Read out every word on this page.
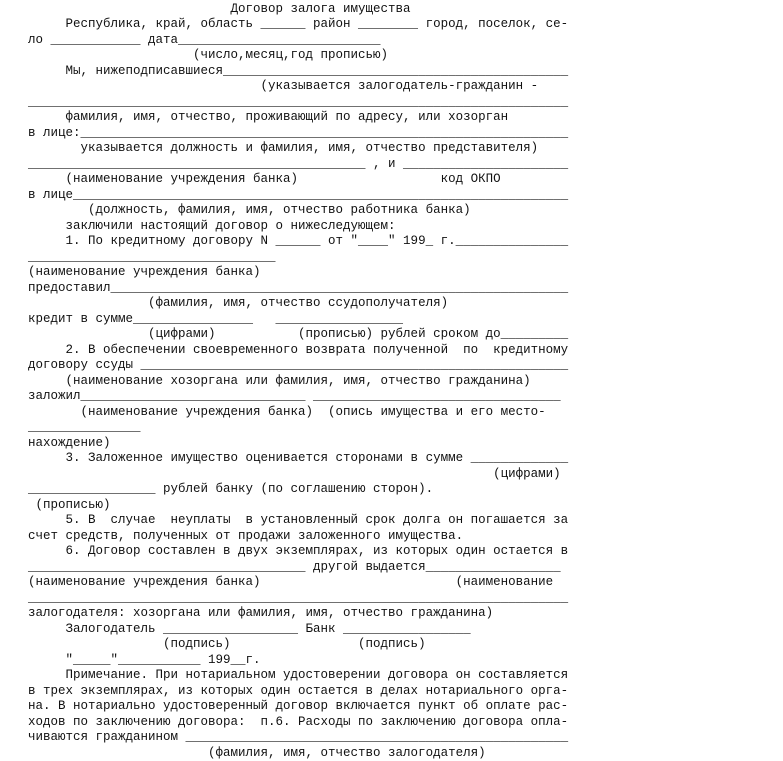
Договор залога имущества
Республика, край, область ______ район ________ город, поселок, се-
ло ____________ дата___________________________
(число,месяц,год прописью)
Мы, нижеподписавшиеся______________________________________________
(указывается залогодатель-гражданин -
________________________________________________________________________
фамилия, имя, отчество, проживающий по адресу, или хозорган
в лице:_________________________________________________________________
указывается должность и фамилия, имя, отчество представителя)
_____________________________________________ , и ______________________
(наименование учреждения банка)                   код ОКПО
в лице__________________________________________________________________
(должность, фамилия, имя, отчество работника банка)
заключили настоящий договор о нижеследующем:
1. По кредитному договору N ______ от "____" 199_ г._______________
_________________________________
(наименование учреждения банка)
предоставил_____________________________________________________________
(фамилия, имя, отчество ссудополучателя)
кредит в сумме________________   _________________
(цифрами)           (прописью) рублей сроком до_________
2. В обеспечении своевременного возврата полученной  по  кредитному
договору ссуды _________________________________________________________
(наименование хозоргана или фамилия, имя, отчество гражданина)
заложил______________________________ _________________________________
(наименование учреждения банка)  (опись имущества и его место-
_______________
нахождение)
3. Заложенное имущество оценивается сторонами в сумме _____________
(цифрами)
_________________ рублей банку (по соглашению сторон).
(прописью)
5. В  случае  неуплаты  в установленный срок долга он погашается за
счет средств, полученных от продажи заложенного имущества.
6. Договор составлен в двух экземплярах, из которых один остается в
_____________________________________ другой выдается__________________
(наименование учреждения банка)                          (наименование
________________________________________________________________________
залогодателя: хозоргана или фамилия, имя, отчество гражданина)
Залогодатель __________________ Банк _________________
(подпись)                 (подпись)
"_____"___________ 199__г.
Примечание. При нотариальном удостоверении договора он составляется
в трех экземплярах, из которых один остается в делах нотариального орга-
на. В нотариально удостоверенный договор включается пункт об оплате рас-
ходов по заключению договора:  п.6. Расходы по заключению договора опла-
чиваются гражданином ___________________________________________________
(фамилия, имя, отчество залогодателя)
